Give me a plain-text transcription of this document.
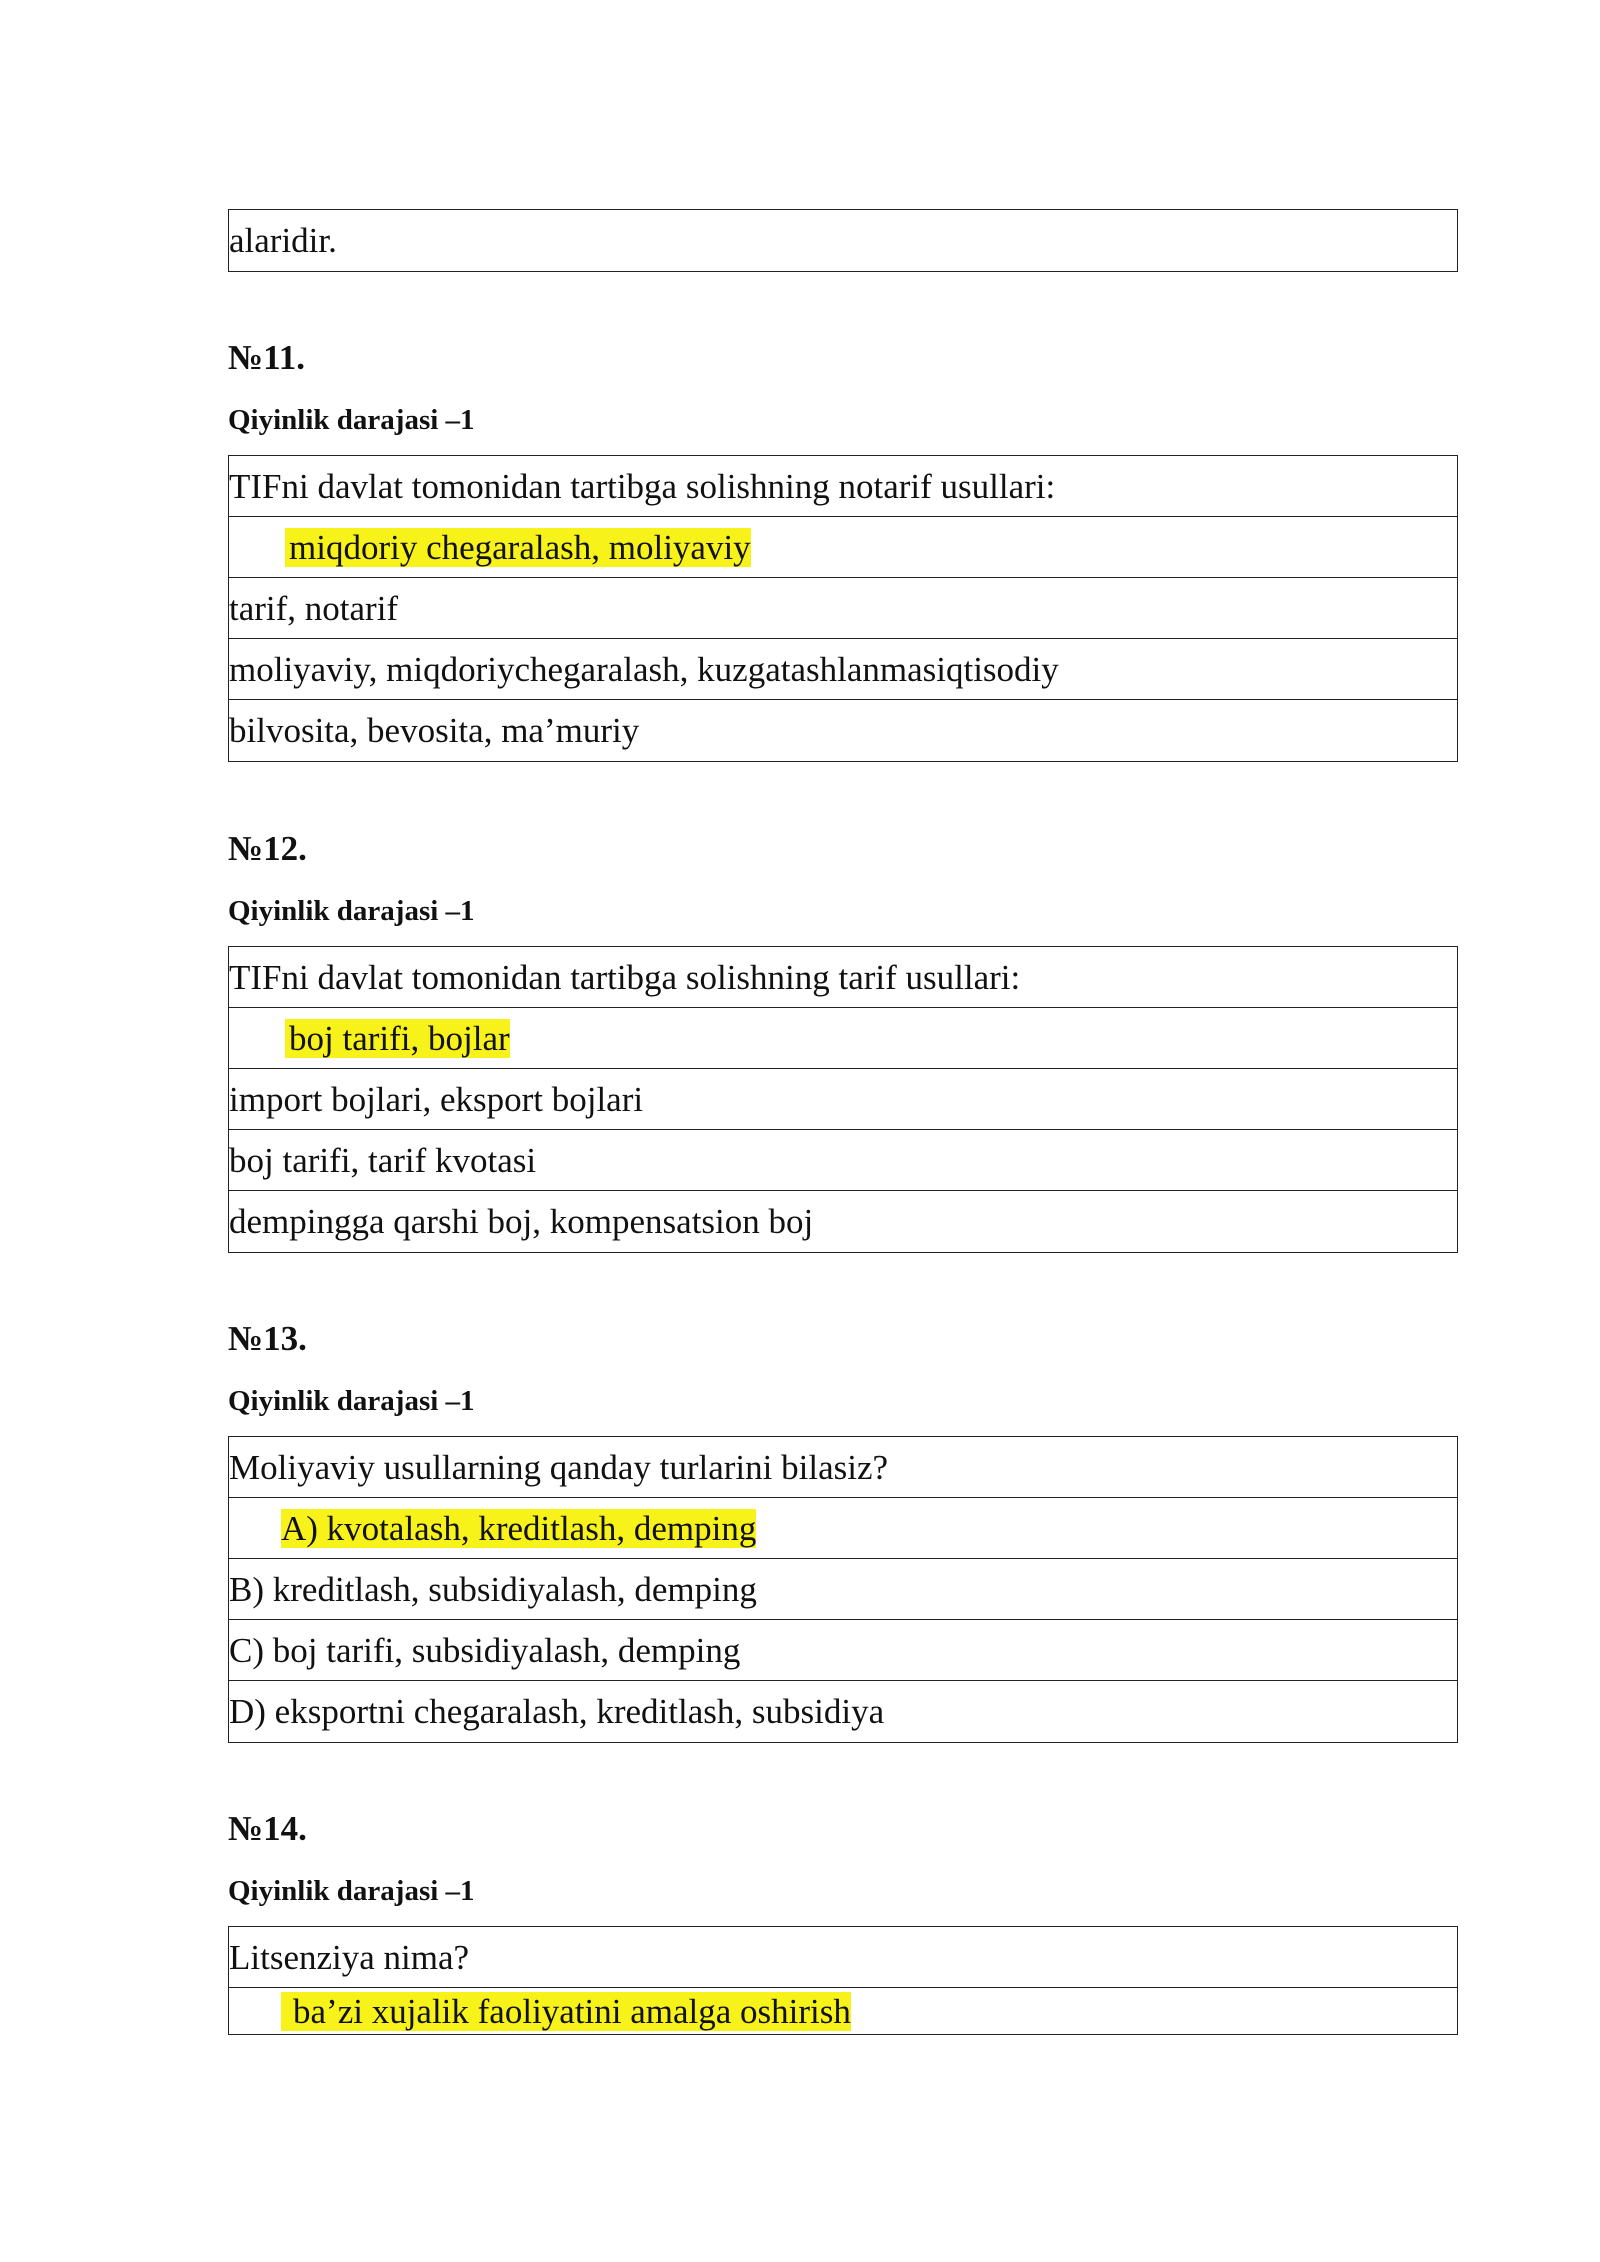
alaridir.
№11.
Qiyinlik darajasi –1
TIFni davlat tomonidan tartibga solishning notarif usullari:
miqdoriy chegaralash, moliyaviy
tarif, notarif
moliyaviy, miqdoriychegaralash, kuzgatashlanmasiqtisodiy
bilvosita, bevosita, ma’muriy
№12.
Qiyinlik darajasi –1
TIFni davlat tomonidan tartibga solishning tarif usullari:
boj tarifi, bojlar
import bojlari, eksport bojlari
boj tarifi, tarif kvotasi
dempingga qarshi boj, kompensatsion boj
№13.
Qiyinlik darajasi –1
Moliyaviy usullarning qanday turlarini bilasiz?
A) kvotalash, kreditlash, demping
B) kreditlash, subsidiyalash, demping
C) boj tarifi, subsidiyalash, demping
D) eksportni chegaralash, kreditlash, subsidiya
№14.
Qiyinlik darajasi –1
Litsenziya nima?
ba’zi xujalik faoliyatini amalga oshirish
